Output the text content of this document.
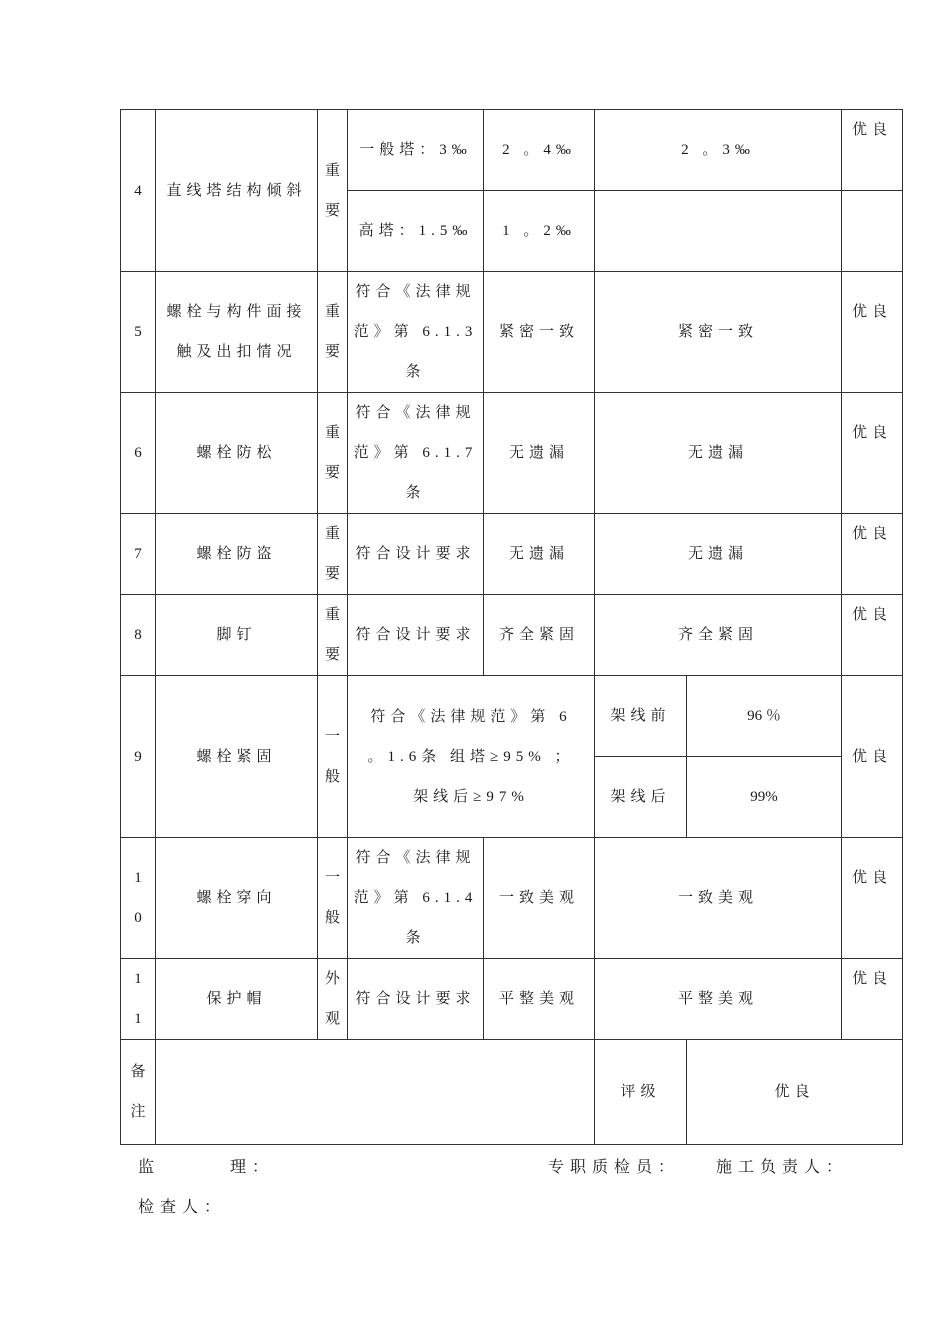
4	直线塔结构倾斜	重要	一般塔：3‰	2 。4‰	2 。3‰		优良

			高塔：1.5‰	1 。2‰			
5	螺栓与构件面接触及出扣情况	重要	符合《法律规范》第 6.1.3 条	紧密一致	紧密一致		优良
6	螺栓防松	重要	符合《法律规范》第 6.1.7 条	无遗漏	无遗漏		优良
7	螺栓防盗	重要	符合设计要求	无遗漏	无遗漏		优良
8	脚钉	重要	符合设计要求	齐全紧固	齐全紧固		优良
9	螺栓紧固	一般	符合《法律规范》第 6 。1.6条 组塔≥95% ；架线后≥97%		架线前	96 ％	优良

					架线后	99%	

10	螺栓穿向	一般	符合《法律规范》第 6.1.4 条	一致美观	一致美观		优良

11	保护帽	外观	符合设计要求	平整美观	平整美观		优良

备注					评级	优良	
监	理：	专职质检员： 施工负责人：
检查人：
